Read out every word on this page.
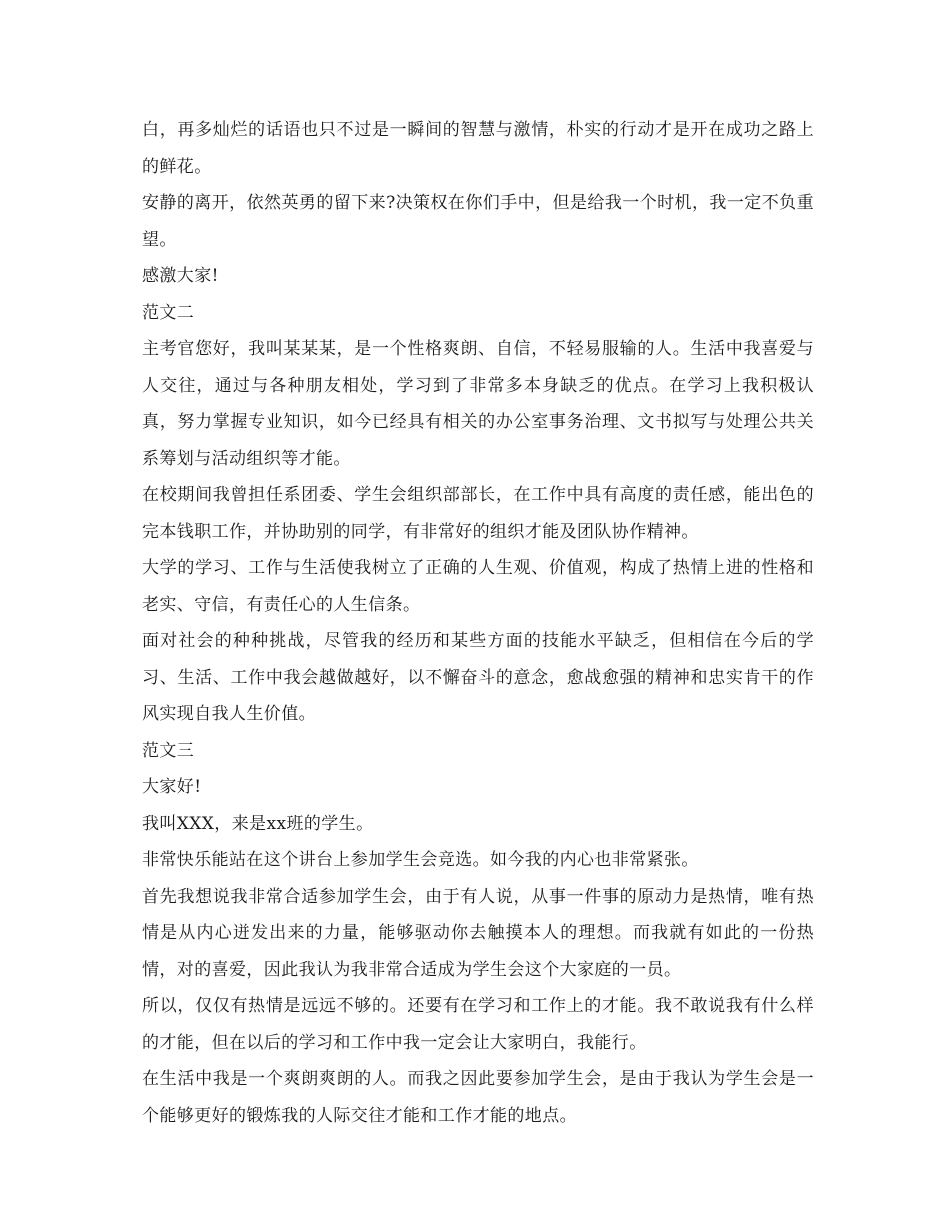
白，再多灿烂的话语也只不过是一瞬间的智慧与激情，朴实的行动才是开在成功之路上的鲜花。

安静的离开，依然英勇的留下来?决策权在你们手中，但是给我一个时机，我一定不负重望。

感激大家!

范文二

主考官您好，我叫某某某，是一个性格爽朗、自信，不轻易服输的人。生活中我喜爱与人交往，通过与各种朋友相处，学习到了非常多本身缺乏的优点。在学习上我积极认真，努力掌握专业知识，如今已经具有相关的办公室事务治理、文书拟写与处理公共关系筹划与活动组织等才能。

在校期间我曾担任系团委、学生会组织部部长，在工作中具有高度的责任感，能出色的完本钱职工作，并协助别的同学，有非常好的组织才能及团队协作精神。

大学的学习、工作与生活使我树立了正确的人生观、价值观，构成了热情上进的性格和老实、守信，有责任心的人生信条。

面对社会的种种挑战，尽管我的经历和某些方面的技能水平缺乏，但相信在今后的学习、生活、工作中我会越做越好，以不懈奋斗的意念，愈战愈强的精神和忠实肯干的作风实现自我人生价值。

范文三

大家好!

我叫XXX，来是xx班的学生。

非常快乐能站在这个讲台上参加学生会竞选。如今我的内心也非常紧张。

首先我想说我非常合适参加学生会，由于有人说，从事一件事的原动力是热情，唯有热情是从内心迸发出来的力量，能够驱动你去触摸本人的理想。而我就有如此的一份热情，对的喜爱，因此我认为我非常合适成为学生会这个大家庭的一员。

所以，仅仅有热情是远远不够的。还要有在学习和工作上的才能。我不敢说我有什么样的才能，但在以后的学习和工作中我一定会让大家明白，我能行。

在生活中我是一个爽朗爽朗的人。而我之因此要参加学生会，是由于我认为学生会是一个能够更好的锻炼我的人际交往才能和工作才能的地点。
